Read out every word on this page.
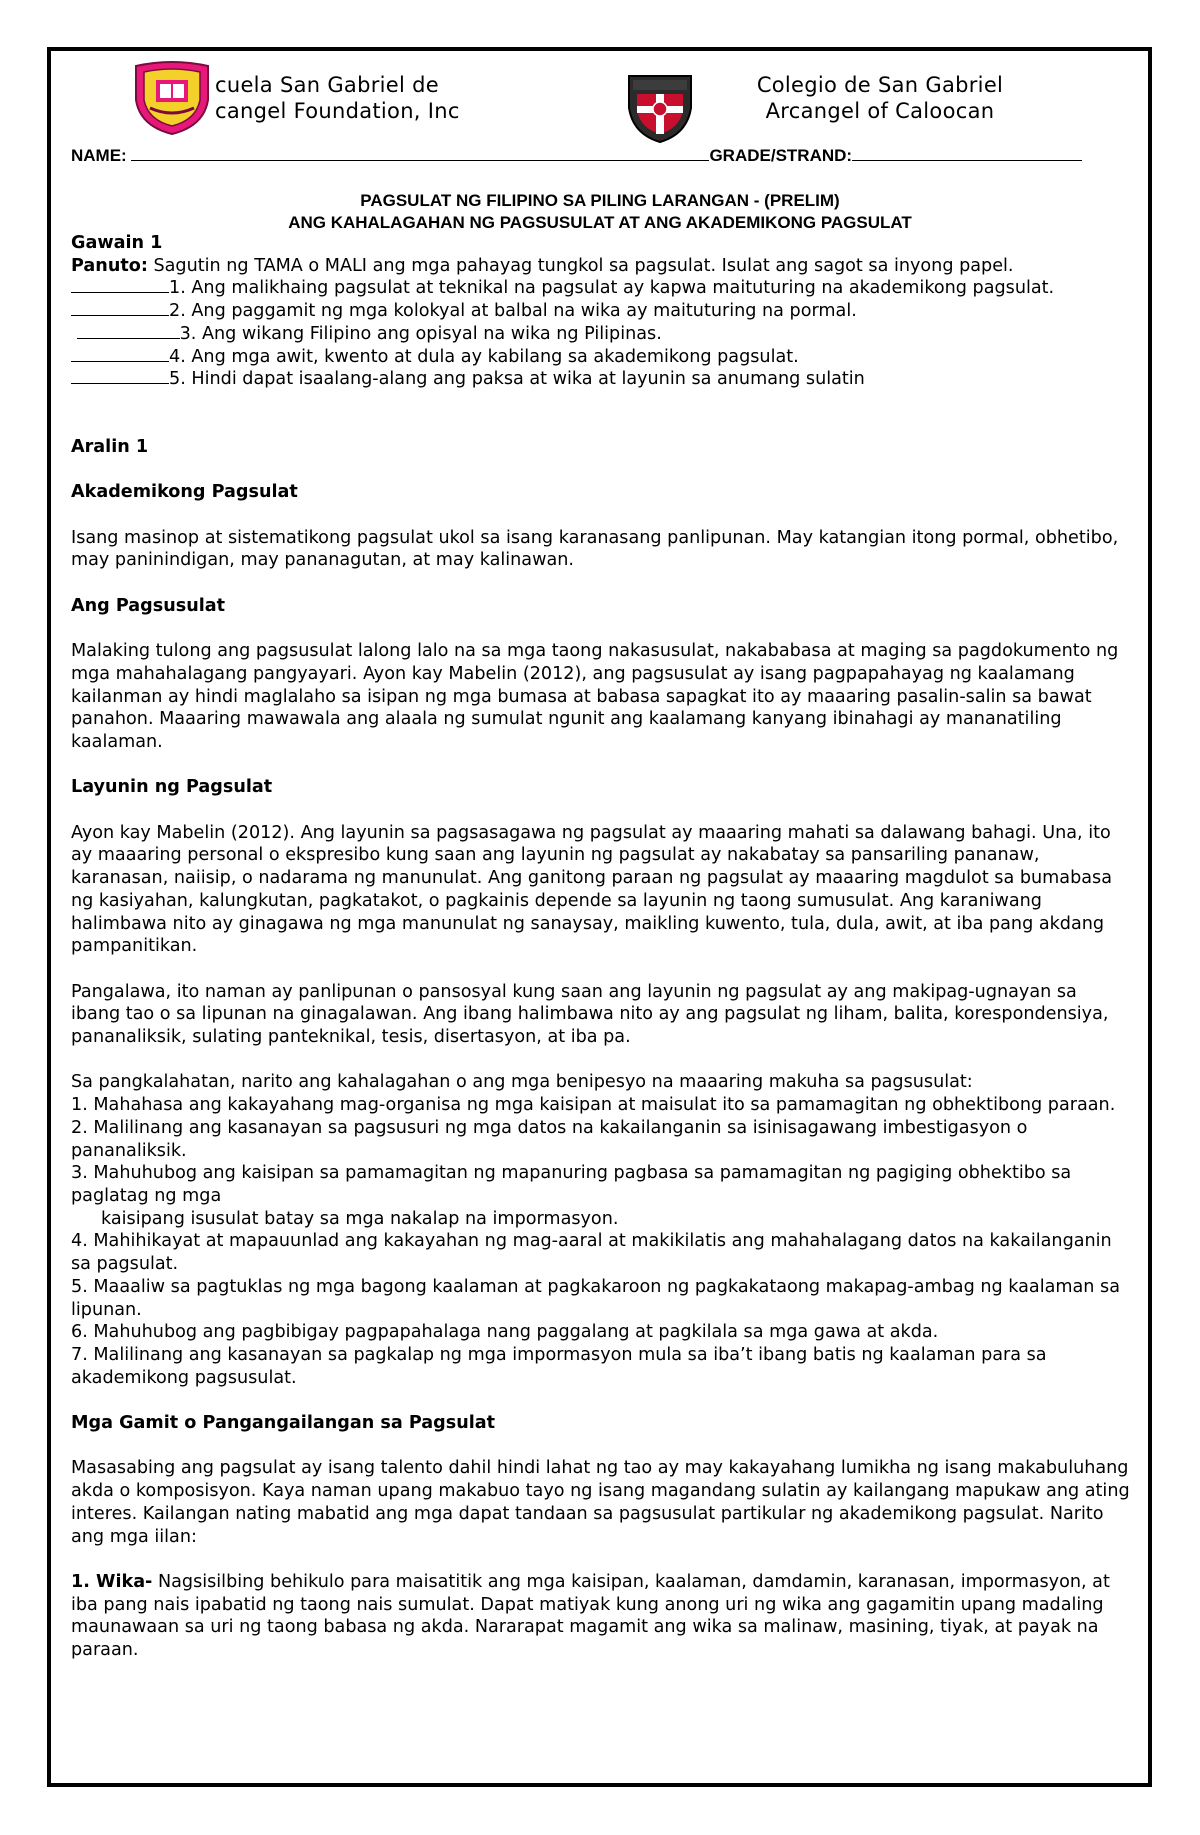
cuela San Gabriel de
cangel Foundation, Inc
Colegio de San Gabriel
Arcangel of Caloocan
NAME:	GRADE/STRAND:
PAGSULAT NG FILIPINO SA PILING LARANGAN - (PRELIM)
ANG KAHALAGAHAN NG PAGSUSULAT AT ANG AKADEMIKONG PAGSULAT

Gawain 1

Panuto: Sagutin ng TAMA o MALI ang mga pahayag tungkol sa pagsulat. Isulat ang sagot sa inyong papel.

1. Ang malikhaing pagsulat at teknikal na pagsulat ay kapwa maituturing na akademikong pagsulat.

2. Ang paggamit ng mga kolokyal at balbal na wika ay maituturing na pormal.

3. Ang wikang Filipino ang opisyal na wika ng Pilipinas.

4. Ang mga awit, kwento at dula ay kabilang sa akademikong pagsulat.

5. Hindi dapat isaalang-alang ang paksa at wika at layunin sa anumang sulatin

Aralin 1

Akademikong Pagsulat

Isang masinop at sistematikong pagsulat ukol sa isang karanasang panlipunan. May katangian itong pormal, obhetibo, may paninindigan, may pananagutan, at may kalinawan.

Ang Pagsusulat

Malaking tulong ang pagsusulat lalong lalo na sa mga taong nakasusulat, nakababasa at maging sa pagdokumento ng mga mahahalagang pangyayari. Ayon kay Mabelin (2012), ang pagsusulat ay isang pagpapahayag ng kaalamang kailanman ay hindi maglalaho sa isipan ng mga bumasa at babasa sapagkat ito ay maaaring pasalin-salin sa bawat panahon. Maaaring mawawala ang alaala ng sumulat ngunit ang kaalamang kanyang ibinahagi ay mananatiling kaalaman.

Layunin ng Pagsulat

Ayon kay Mabelin (2012). Ang layunin sa pagsasagawa ng pagsulat ay maaaring mahati sa dalawang bahagi. Una, ito ay maaaring personal o ekspresibo kung saan ang layunin ng pagsulat ay nakabatay sa pansariling pananaw, karanasan, naiisip, o nadarama ng manunulat. Ang ganitong paraan ng pagsulat ay maaaring magdulot sa bumabasa ng kasiyahan, kalungkutan, pagkatakot, o pagkainis depende sa layunin ng taong sumusulat. Ang karaniwang halimbawa nito ay ginagawa ng mga manunulat ng sanaysay, maikling kuwento, tula, dula, awit, at iba pang akdang pampanitikan.

Pangalawa, ito naman ay panlipunan o pansosyal kung saan ang layunin ng pagsulat ay ang makipag-ugnayan sa ibang tao o sa lipunan na ginagalawan. Ang ibang halimbawa nito ay ang pagsulat ng liham, balita, korespondensiya, pananaliksik, sulating panteknikal, tesis, disertasyon, at iba pa.

Sa pangkalahatan, narito ang kahalagahan o ang mga benipesyo na maaaring makuha sa pagsusulat:

1. Mahahasa ang kakayahang mag-organisa ng mga kaisipan at maisulat ito sa pamamagitan ng obhektibong paraan.

2. Malilinang ang kasanayan sa pagsusuri ng mga datos na kakailanganin sa isinisagawang imbestigasyon o pananaliksik.

3. Mahuhubog ang kaisipan sa pamamagitan ng mapanuring pagbasa sa pamamagitan ng pagiging obhektibo sa paglatag ng mga

kaisipang isusulat batay sa mga nakalap na impormasyon.

4. Mahihikayat at mapauunlad ang kakayahan ng mag-aaral at makikilatis ang mahahalagang datos na kakailanganin sa pagsulat.

5. Maaaliw sa pagtuklas ng mga bagong kaalaman at pagkakaroon ng pagkakataong makapag-ambag ng kaalaman sa lipunan.

6. Mahuhubog ang pagbibigay pagpapahalaga nang paggalang at pagkilala sa mga gawa at akda.

7. Malilinang ang kasanayan sa pagkalap ng mga impormasyon mula sa iba’t ibang batis ng kaalaman para sa akademikong pagsusulat.

Mga Gamit o Pangangailangan sa Pagsulat

Masasabing ang pagsulat ay isang talento dahil hindi lahat ng tao ay may kakayahang lumikha ng isang makabuluhang akda o komposisyon. Kaya naman upang makabuo tayo ng isang magandang sulatin ay kailangang mapukaw ang ating interes. Kailangan nating mabatid ang mga dapat tandaan sa pagsusulat partikular ng akademikong pagsulat. Narito ang mga iilan:

1. Wika- Nagsisilbing behikulo para maisatitik ang mga kaisipan, kaalaman, damdamin, karanasan, impormasyon, at iba pang nais ipabatid ng taong nais sumulat. Dapat matiyak kung anong uri ng wika ang gagamitin upang madaling maunawaan sa uri ng taong babasa ng akda. Nararapat magamit ang wika sa malinaw, masining, tiyak, at payak na paraan.
